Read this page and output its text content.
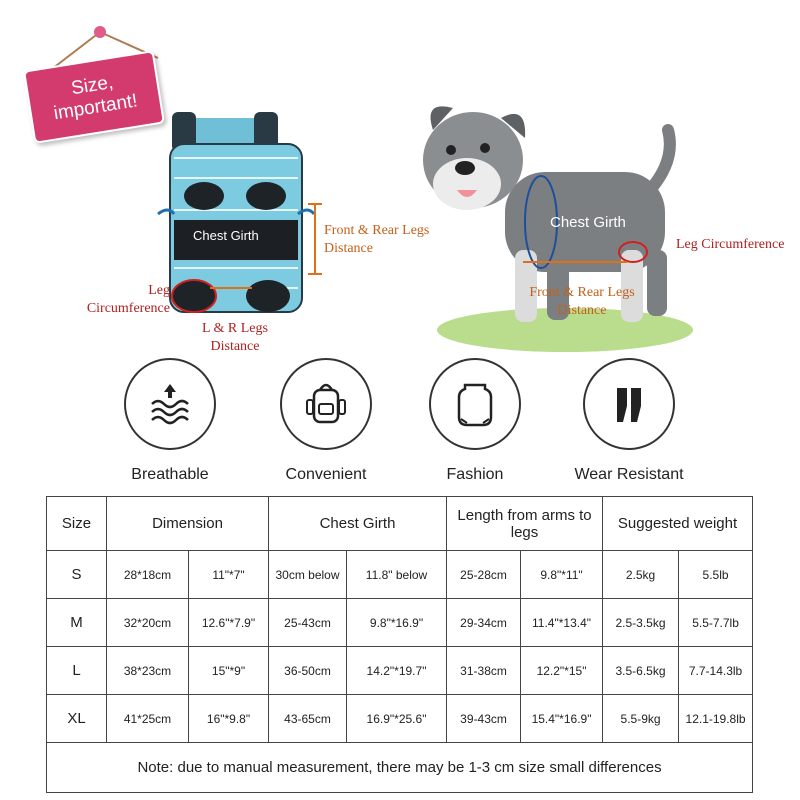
Size, important!
Chest Girth	Front & Rear Legs Distance
Leg Circumference
L & R Legs Distance
Chest Girth
Leg Circumference
Front & Rear Legs Distance
Breathable	Convenient	Fashion	Wear Resistant
Size	Dimension		Chest Girth		Length from arms to legs		Suggested weight	
S	28*18cm	11"*7"	30cm below	11.8" below	25-28cm	9.8"*11"	2.5kg	5.5lb
M	32*20cm	12.6"*7.9"	25-43cm	9.8"*16.9"	29-34cm	11.4"*13.4"	2.5-3.5kg	5.5-7.7lb
L	38*23cm	15"*9"	36-50cm	14.2"*19.7"	31-38cm	12.2"*15"	3.5-6.5kg	7.7-14.3lb
XL	41*25cm	16"*9.8"	43-65cm	16.9"*25.6"	39-43cm	15.4"*16.9"	5.5-9kg	12.1-19.8lb
Note: due to manual measurement, there may be 1-3 cm size small differences								
